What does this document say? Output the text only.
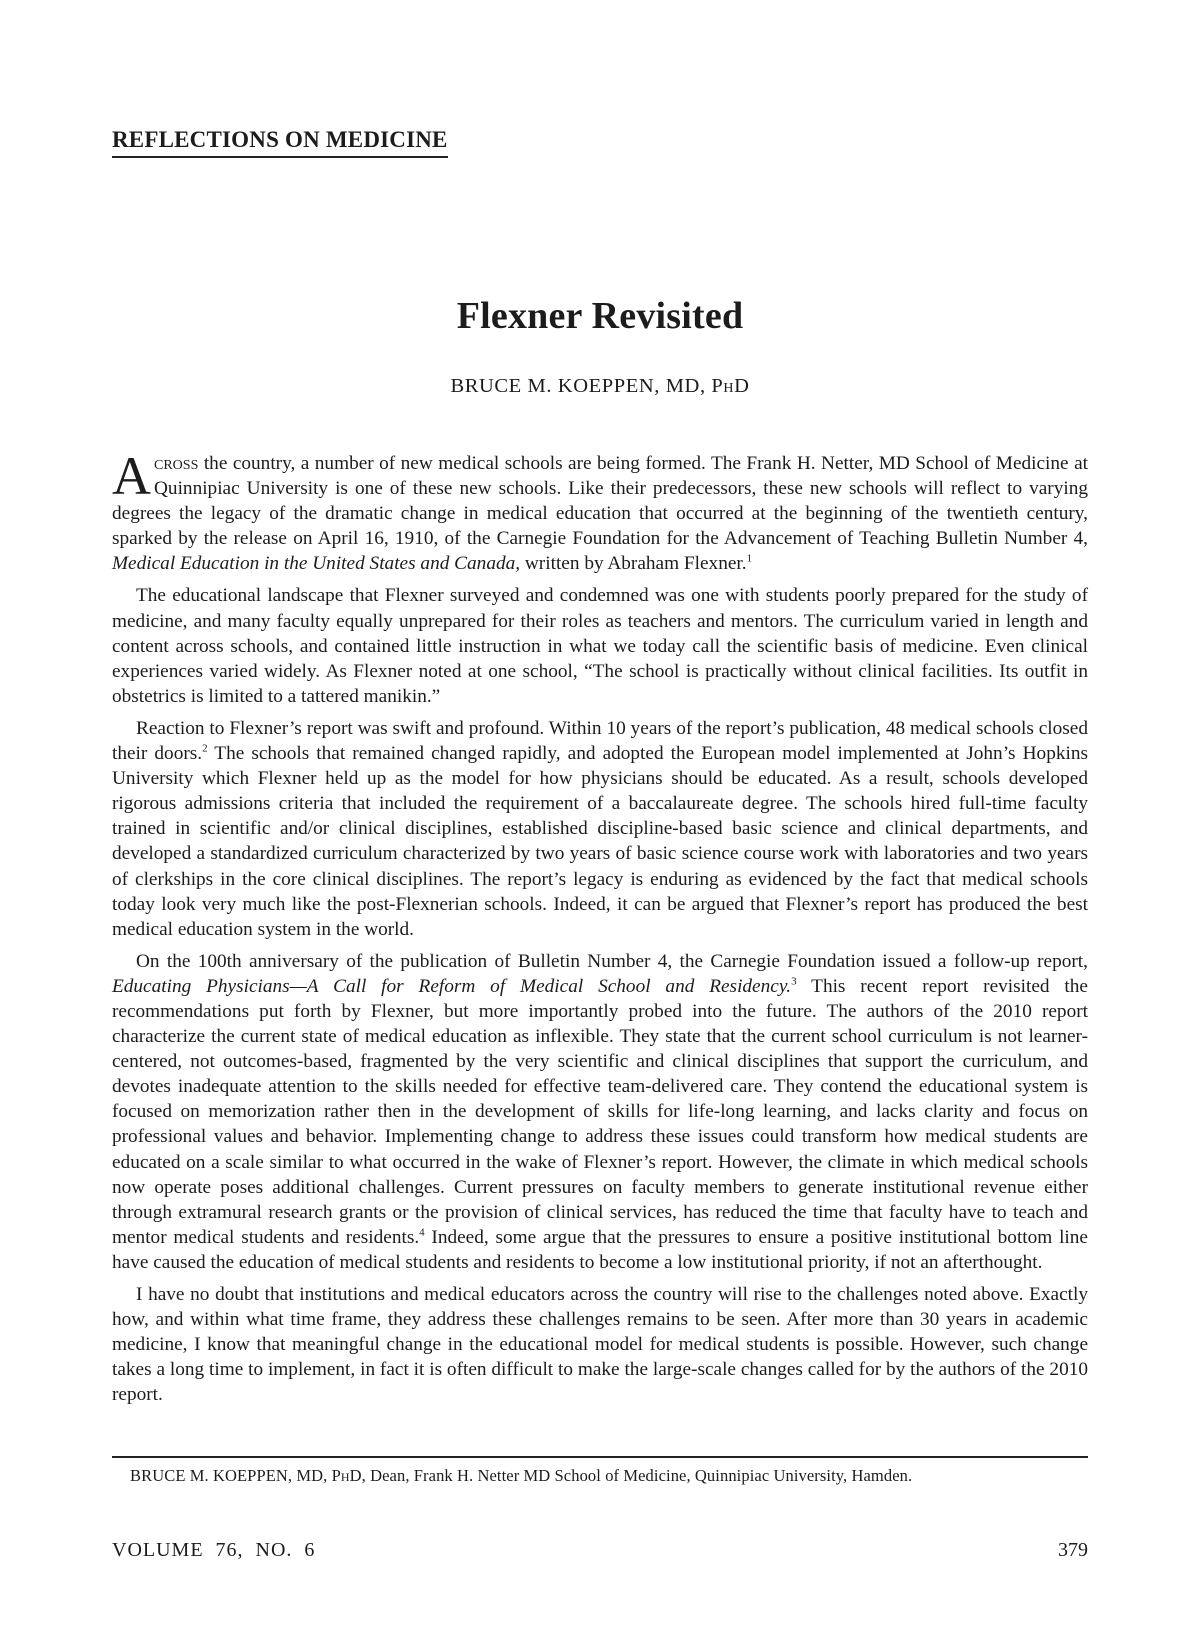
REFLECTIONS ON MEDICINE
Flexner Revisited
BRUCE M. KOEPPEN, MD, PhD

Across the country, a number of new medical schools are being formed. The Frank H. Netter, MD School of Medicine at Quinnipiac University is one of these new schools. Like their predecessors, these new schools will reflect to varying degrees the legacy of the dramatic change in medical education that occurred at the beginning of the twentieth century, sparked by the release on April 16, 1910, of the Carnegie Foundation for the Advancement of Teaching Bulletin Number 4, Medical Education in the United States and Canada, written by Abraham Flexner.$^1$

The educational landscape that Flexner surveyed and condemned was one with students poorly prepared for the study of medicine, and many faculty equally unprepared for their roles as teachers and mentors. The curriculum varied in length and content across schools, and contained little instruction in what we today call the scientific basis of medicine. Even clinical experiences varied widely. As Flexner noted at one school, “The school is practically without clinical facilities. Its outfit in obstetrics is limited to a tattered manikin.”

Reaction to Flexner’s report was swift and profound. Within 10 years of the report’s publication, 48 medical schools closed their doors.$^2$ The schools that remained changed rapidly, and adopted the European model implemented at John’s Hopkins University which Flexner held up as the model for how physicians should be educated. As a result, schools developed rigorous admissions criteria that included the requirement of a baccalaureate degree. The schools hired full-time faculty trained in scientific and/or clinical disciplines, established discipline-based basic science and clinical departments, and developed a standardized curriculum characterized by two years of basic science course work with laboratories and two years of clerkships in the core clinical disciplines. The report’s legacy is enduring as evidenced by the fact that medical schools today look very much like the post-Flexnerian schools. Indeed, it can be argued that Flexner’s report has produced the best medical education system in the world.

On the 100th anniversary of the publication of Bulletin Number 4, the Carnegie Foundation issued a follow-up report, Educating Physicians—A Call for Reform of Medical School and Residency.$^3$ This recent report revisited the recommendations put forth by Flexner, but more importantly probed into the future. The authors of the 2010 report characterize the current state of medical education as inflexible. They state that the current school curriculum is not learner-centered, not outcomes-based, fragmented by the very scientific and clinical disciplines that support the curriculum, and devotes inadequate attention to the skills needed for effective team-delivered care. They contend the educational system is focused on memorization rather then in the development of skills for life-long learning, and lacks clarity and focus on professional values and behavior. Implementing change to address these issues could transform how medical students are educated on a scale similar to what occurred in the wake of Flexner’s report. However, the climate in which medical schools now operate poses additional challenges. Current pressures on faculty members to generate institutional revenue either through extramural research grants or the provision of clinical services, has reduced the time that faculty have to teach and mentor medical students and residents.$^4$ Indeed, some argue that the pressures to ensure a positive institutional bottom line have caused the education of medical students and residents to become a low institutional priority, if not an afterthought.

I have no doubt that institutions and medical educators across the country will rise to the challenges noted above. Exactly how, and within what time frame, they address these challenges remains to be seen. After more than 30 years in academic medicine, I know that meaningful change in the educational model for medical students is possible. However, such change takes a long time to implement, in fact it is often difficult to make the large-scale changes called for by the authors of the 2010 report.

BRUCE M. KOEPPEN, MD, PhD, Dean, Frank H. Netter MD School of Medicine, Quinnipiac University, Hamden.
VOLUME  76,  NO.  6	379
